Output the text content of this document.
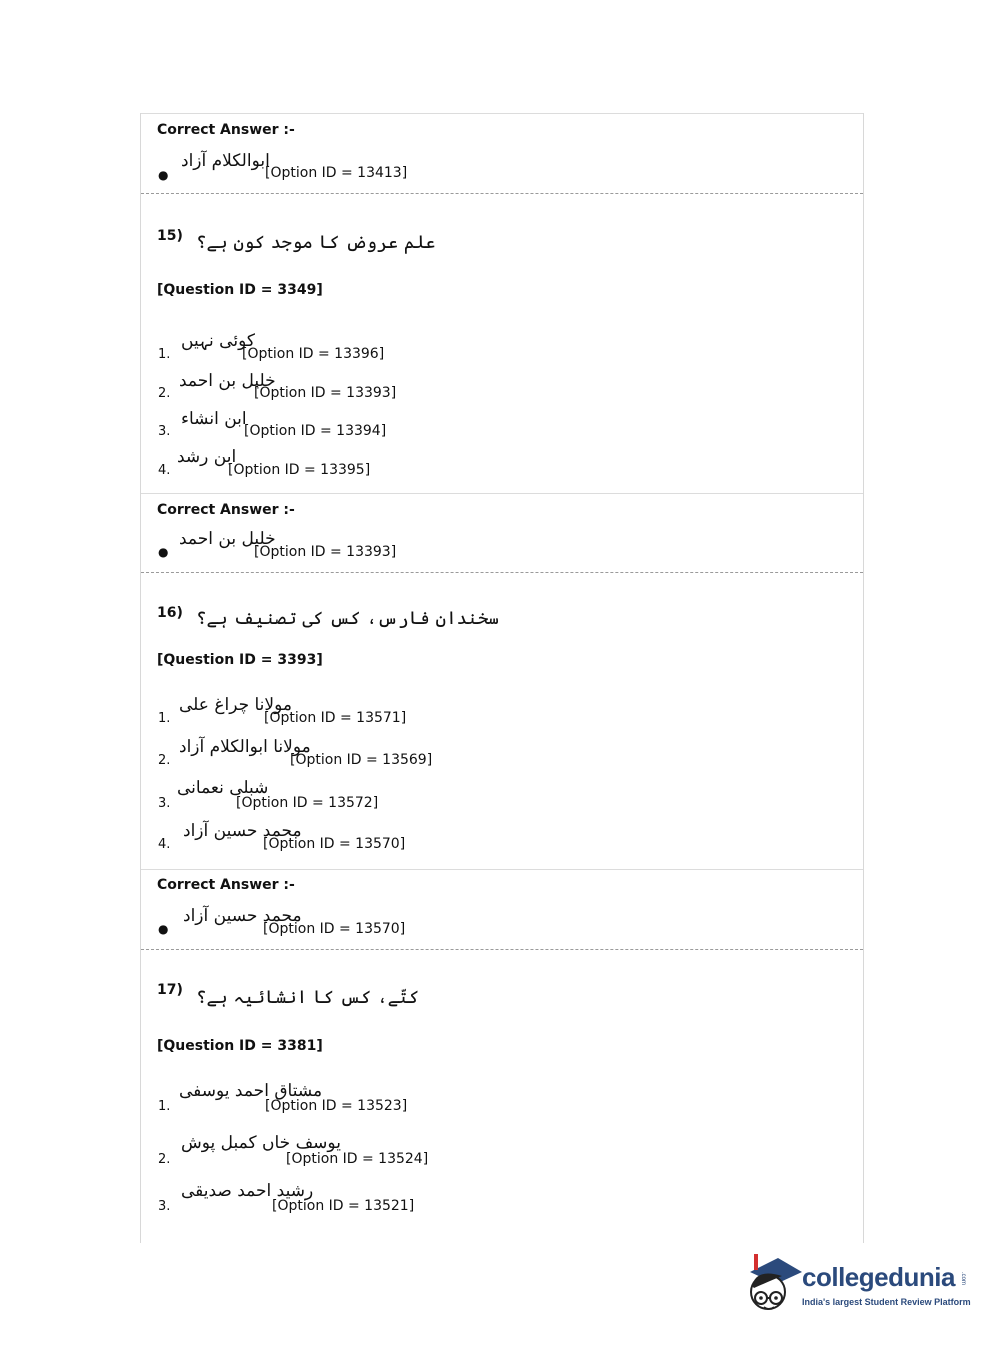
Correct Answer :-
●
ابوالکلام آزاد
[Option ID = 13413]
15) علم عروض کا موجد کون ہے؟
[Question ID = 3349]
1.
کوئی نہیں
[Option ID = 13396]
2.
خلیل بن احمد
[Option ID = 13393]
3.
ابن انشاء
[Option ID = 13394]
4.
ابن رشد
[Option ID = 13395]
Correct Answer :-
●
خلیل بن احمد
[Option ID = 13393]
16) سخندان فارس، کس کی تصنیف ہے؟
[Question ID = 3393]
1.
مولانا چراغ علی
[Option ID = 13571]
2.
مولانا ابوالکلام آزاد
[Option ID = 13569]
3.
شبلی نعمانی
[Option ID = 13572]
4.
محمد حسین آزاد
[Option ID = 13570]
Correct Answer :-
●
محمد حسین آزاد
[Option ID = 13570]
17) کتّے، کس کا انشائیہ ہے؟
[Question ID = 3381]
1.
مشتاق احمد یوسفی
[Option ID = 13523]
2.
یوسف خاں کمبل پوش
[Option ID = 13524]
3.
رشید احمد صدیقی
[Option ID = 13521]
collegedunia .com
India's largest Student Review Platform
